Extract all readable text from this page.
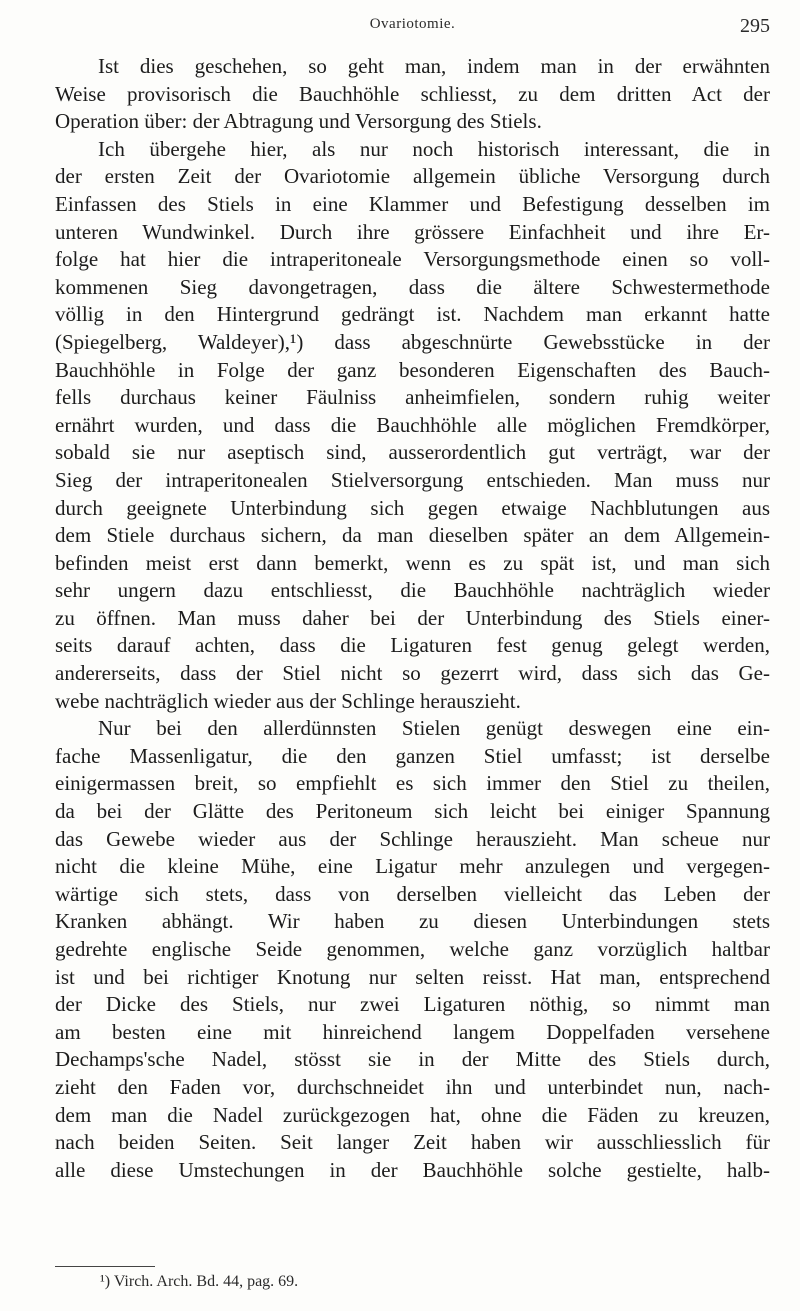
Ovariotomie.	295
Ist dies geschehen, so geht man, indem man in der erwähnten
Weise provisorisch die Bauchhöhle schliesst, zu dem dritten Act der
Operation über: der Abtragung und Versorgung des Stiels.
Ich übergehe hier, als nur noch historisch interessant, die in
der ersten Zeit der Ovariotomie allgemein übliche Versorgung durch
Einfassen des Stiels in eine Klammer und Befestigung desselben im
unteren Wundwinkel. Durch ihre grössere Einfachheit und ihre Er-
folge hat hier die intraperitoneale Versorgungsmethode einen so voll-
kommenen Sieg davongetragen, dass die ältere Schwestermethode
völlig in den Hintergrund gedrängt ist. Nachdem man erkannt hatte
(Spiegelberg, Waldeyer),¹) dass abgeschnürte Gewebsstücke in der
Bauchhöhle in Folge der ganz besonderen Eigenschaften des Bauch-
fells durchaus keiner Fäulniss anheimfielen, sondern ruhig weiter
ernährt wurden, und dass die Bauchhöhle alle möglichen Fremdkörper,
sobald sie nur aseptisch sind, ausserordentlich gut verträgt, war der
Sieg der intraperitonealen Stielversorgung entschieden. Man muss nur
durch geeignete Unterbindung sich gegen etwaige Nachblutungen aus
dem Stiele durchaus sichern, da man dieselben später an dem Allgemein-
befinden meist erst dann bemerkt, wenn es zu spät ist, und man sich
sehr ungern dazu entschliesst, die Bauchhöhle nachträglich wieder
zu öffnen. Man muss daher bei der Unterbindung des Stiels einer-
seits darauf achten, dass die Ligaturen fest genug gelegt werden,
andererseits, dass der Stiel nicht so gezerrt wird, dass sich das Ge-
webe nachträglich wieder aus der Schlinge herauszieht.
Nur bei den allerdünnsten Stielen genügt deswegen eine ein-
fache Massenligatur, die den ganzen Stiel umfasst; ist derselbe
einigermassen breit, so empfiehlt es sich immer den Stiel zu theilen,
da bei der Glätte des Peritoneum sich leicht bei einiger Spannung
das Gewebe wieder aus der Schlinge herauszieht. Man scheue nur
nicht die kleine Mühe, eine Ligatur mehr anzulegen und vergegen-
wärtige sich stets, dass von derselben vielleicht das Leben der
Kranken abhängt. Wir haben zu diesen Unterbindungen stets
gedrehte englische Seide genommen, welche ganz vorzüglich haltbar
ist und bei richtiger Knotung nur selten reisst. Hat man, entsprechend
der Dicke des Stiels, nur zwei Ligaturen nöthig, so nimmt man
am besten eine mit hinreichend langem Doppelfaden versehene
Dechamps'sche Nadel, stösst sie in der Mitte des Stiels durch,
zieht den Faden vor, durchschneidet ihn und unterbindet nun, nach-
dem man die Nadel zurückgezogen hat, ohne die Fäden zu kreuzen,
nach beiden Seiten. Seit langer Zeit haben wir ausschliesslich für
alle diese Umstechungen in der Bauchhöhle solche gestielte, halb-
¹) Virch. Arch. Bd. 44, pag. 69.
